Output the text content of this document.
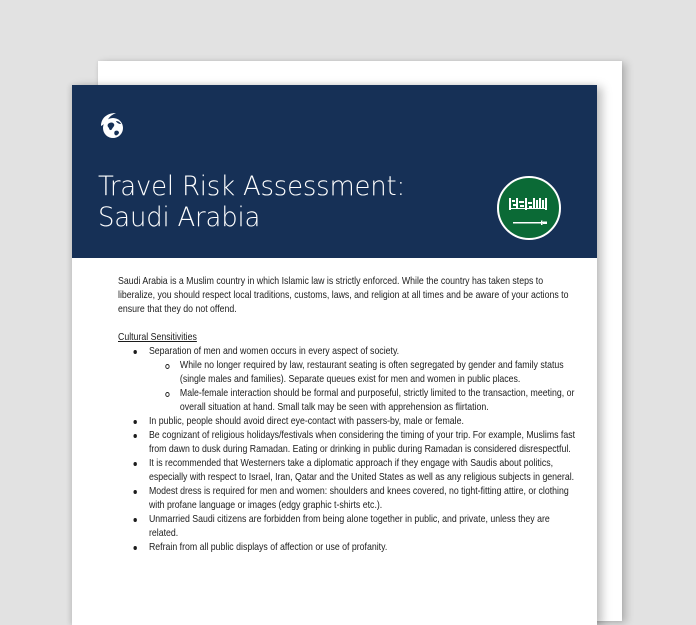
Travel Risk Assessment:
Saudi Arabia

Saudi Arabia is a Muslim country in which Islamic law is strictly enforced. While the country has taken steps to liberalize, you should respect local traditions, customs, laws, and religion at all times and be aware of your actions to ensure that they do not offend.

Cultural Sensitivities
Separation of men and women occurs in every aspect of society.
While no longer required by law, restaurant seating is often segregated by gender and family status (single males and families). Separate queues exist for men and women in public places.
Male-female interaction should be formal and purposeful, strictly limited to the transaction, meeting, or overall situation at hand. Small talk may be seen with apprehension as flirtation.
In public, people should avoid direct eye-contact with passers-by, male or female.
Be cognizant of religious holidays/festivals when considering the timing of your trip. For example, Muslims fast from dawn to dusk during Ramadan. Eating or drinking in public during Ramadan is considered disrespectful.
It is recommended that Westerners take a diplomatic approach if they engage with Saudis about politics, especially with respect to Israel, Iran, Qatar and the United States as well as any religious subjects in general.
Modest dress is required for men and women: shoulders and knees covered, no tight-fitting attire, or clothing with profane language or images (edgy graphic t-shirts etc.).
Unmarried Saudi citizens are forbidden from being alone together in public, and private, unless they are related.
Refrain from all public displays of affection or use of profanity.
